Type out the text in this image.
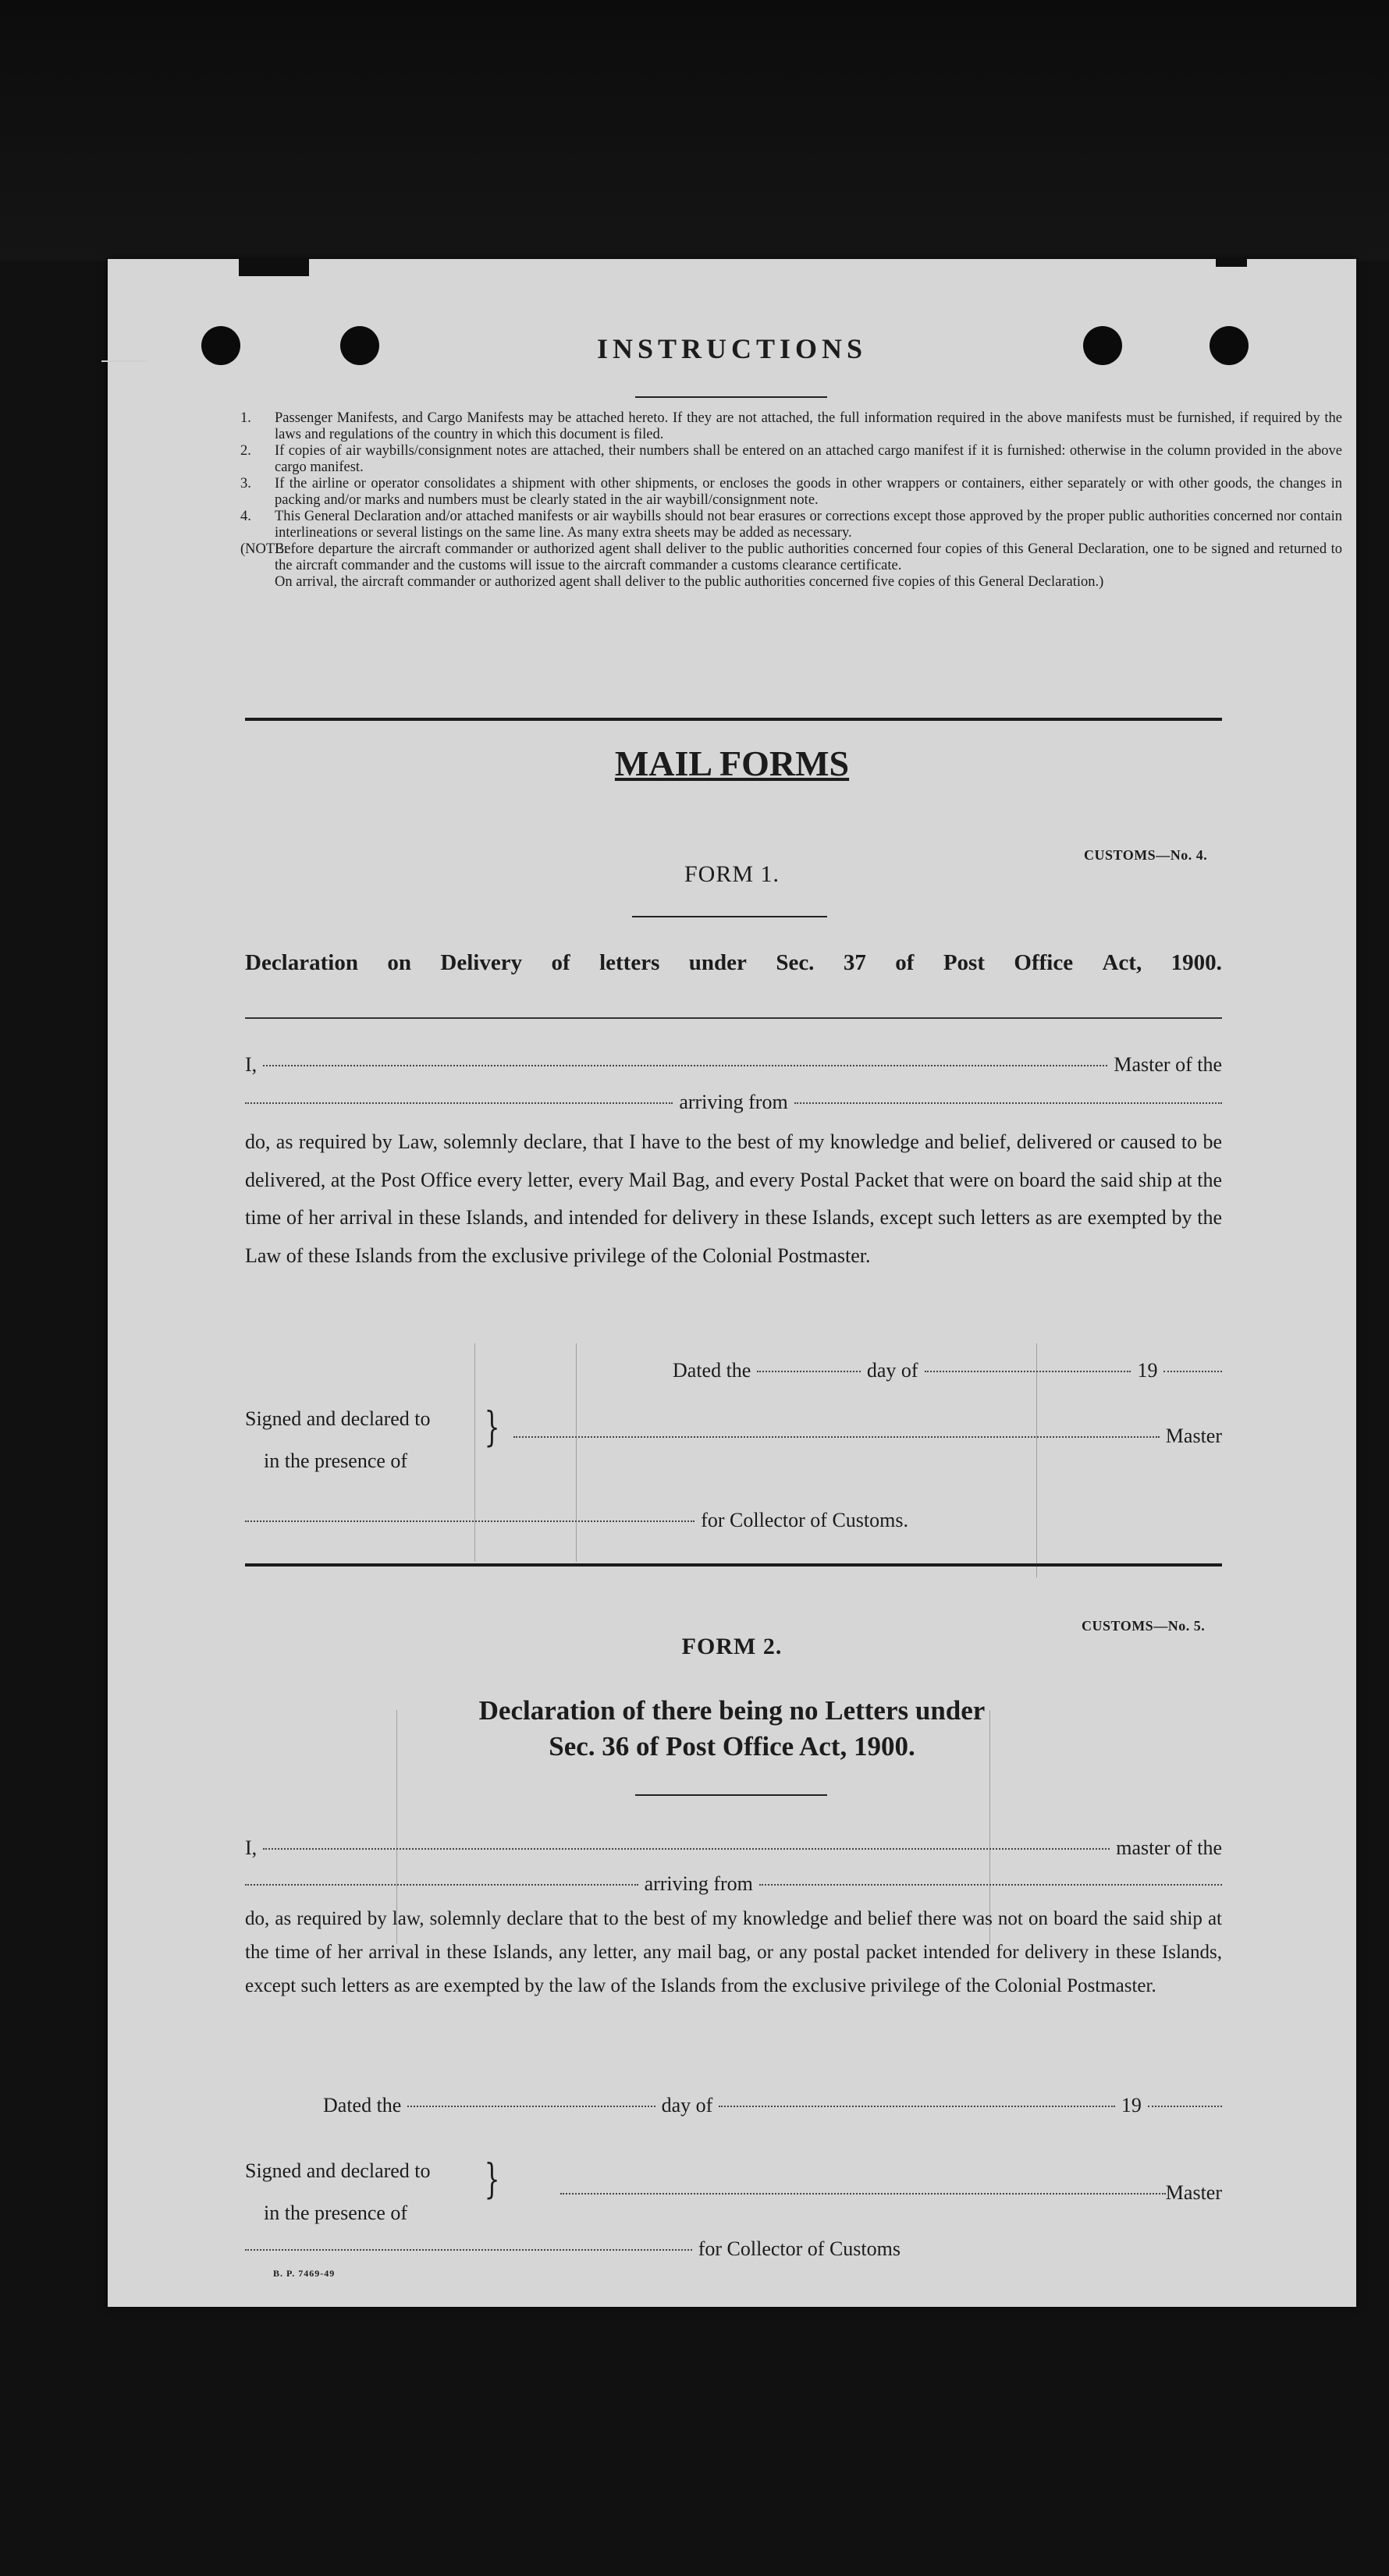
INSTRUCTIONS
1.	Passenger Manifests, and Cargo Manifests may be attached hereto. If they are not attached, the full information required in the above manifests must be furnished, if required by the laws and regulations of the country in which this document is filed.
2.	If copies of air waybills/consignment notes are attached, their numbers shall be entered on an attached cargo manifest if it is furnished: otherwise in the column provided in the above cargo manifest.
3.	If the airline or operator consolidates a shipment with other shipments, or encloses the goods in other wrappers or containers, either separately or with other goods, the changes in packing and/or marks and numbers must be clearly stated in the air waybill/consignment note.
4.	This General Declaration and/or attached manifests or air waybills should not bear erasures or corrections except those approved by the proper public authorities concerned nor contain interlineations or several listings on the same line. As many extra sheets may be added as necessary.
(NOTE:
Before departure the aircraft commander or authorized agent shall deliver to the public authorities concerned four copies of this General Declaration, one to be signed and returned to the aircraft commander and the customs will issue to the aircraft commander a customs clearance certificate.
On arrival, the aircraft commander or authorized agent shall deliver to the public authorities concerned five copies of this General Declaration.)
MAIL FORMS
CUSTOMS—No. 4.
FORM 1.
Declaration on Delivery of letters under Sec. 37 of Post Office Act, 1900.
I,	Master of the
arriving from
do, as required by Law, solemnly declare, that I have to the best of my knowledge and belief, delivered or caused to be delivered, at the Post Office every letter, every Mail Bag, and every Postal Packet that were on board the said ship at the time of her arrival in these Islands, and intended for delivery in these Islands, except such letters as are exempted by the Law of these Islands from the exclusive privilege of the Colonial Postmaster.
Dated the	day of	19
Signed and declared to
in the presence of
}	Master
for Collector of Customs.
CUSTOMS—No. 5.
FORM 2.
Declaration of there being no Letters under
Sec. 36 of Post Office Act, 1900.
I,	master of the
arriving from
do, as required by law, solemnly declare that to the best of my knowledge and belief there was not on board the said ship at the time of her arrival in these Islands, any letter, any mail bag, or any postal packet intended for delivery in these Islands, except such letters as are exempted by the law of the Islands from the exclusive privilege of the Colonial Postmaster.
Dated the	day of	19
Signed and declared to
in the presence of
}	Master
for Collector of Customs
B. P. 7469-49
